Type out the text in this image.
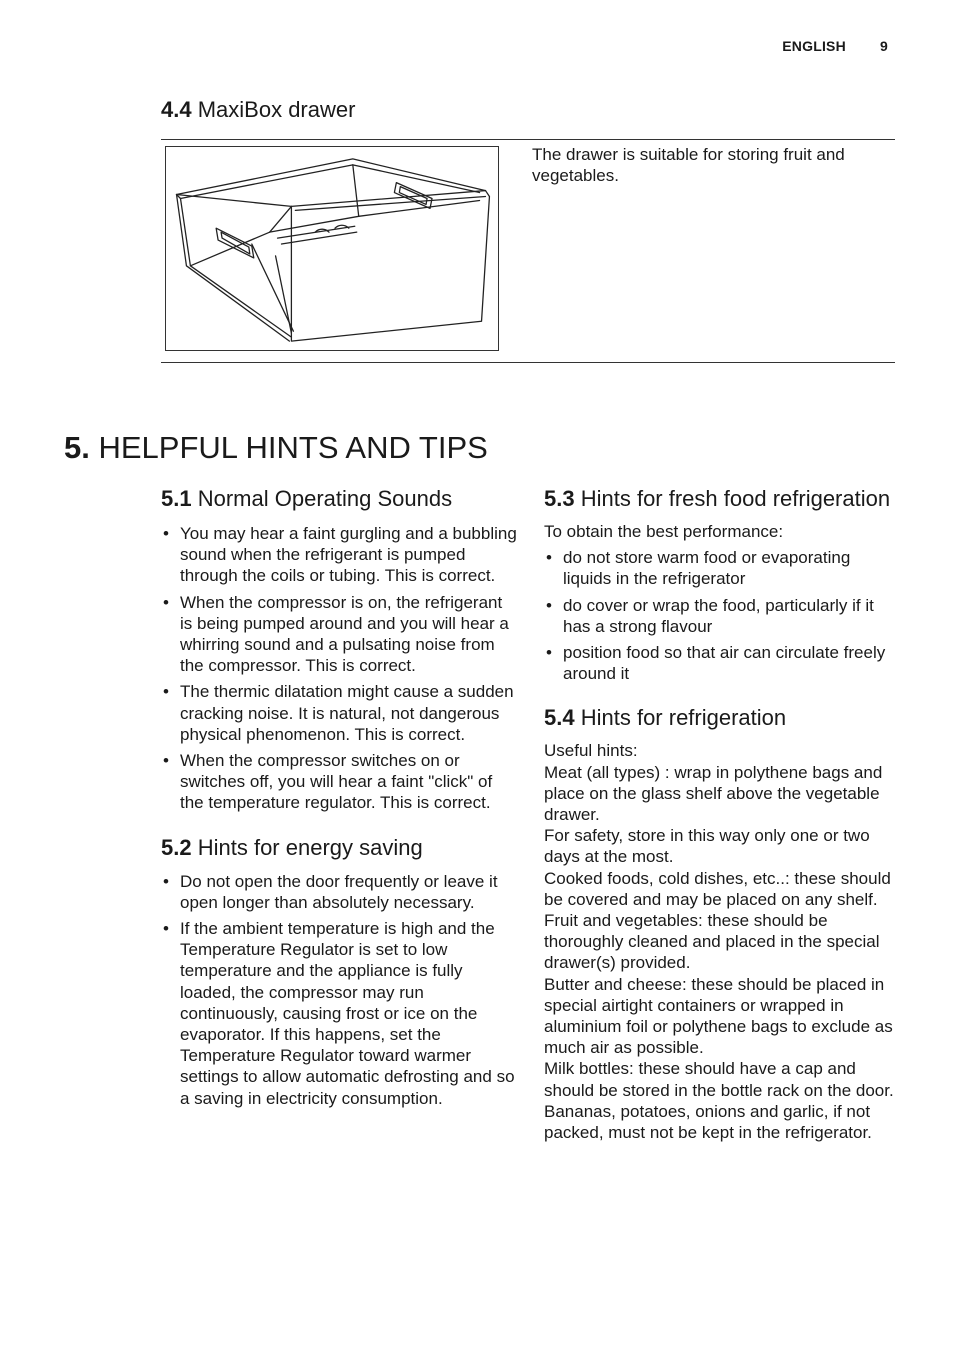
ENGLISH 9
4.4 MaxiBox drawer

The drawer is suitable for storing fruit and vegetables.

5. HELPFUL HINTS AND TIPS
5.1 Normal Operating Sounds
• You may hear a faint gurgling and a bubbling sound when the refrigerant is pumped through the coils or tubing. This is correct.
• When the compressor is on, the refrigerant is being pumped around and you will hear a whirring sound and a pulsating noise from the compressor. This is correct.
• The thermic dilatation might cause a sudden cracking noise. It is natural, not dangerous physical phenomenon. This is correct.
• When the compressor switches on or switches off, you will hear a faint "click" of the temperature regulator. This is correct.
5.2 Hints for energy saving
• Do not open the door frequently or leave it open longer than absolutely necessary.
• If the ambient temperature is high and the Temperature Regulator is set to low temperature and the appliance is fully loaded, the compressor may run continuously, causing frost or ice on the evaporator. If this happens, set the Temperature Regulator toward warmer settings to allow automatic defrosting and so a saving in electricity consumption.
5.3 Hints for fresh food refrigeration

To obtain the best performance:

• do not store warm food or evaporating liquids in the refrigerator
• do cover or wrap the food, particularly if it has a strong flavour
• position food so that air can circulate freely around it
5.4 Hints for refrigeration

Useful hints:

Meat (all types) : wrap in polythene bags and place on the glass shelf above the vegetable drawer.

For safety, store in this way only one or two days at the most.

Cooked foods, cold dishes, etc..: these should be covered and may be placed on any shelf.

Fruit and vegetables: these should be thoroughly cleaned and placed in the special drawer(s) provided.

Butter and cheese: these should be placed in special airtight containers or wrapped in aluminium foil or polythene bags to exclude as much air as possible.

Milk bottles: these should have a cap and should be stored in the bottle rack on the door.

Bananas, potatoes, onions and garlic, if not packed, must not be kept in the refrigerator.
